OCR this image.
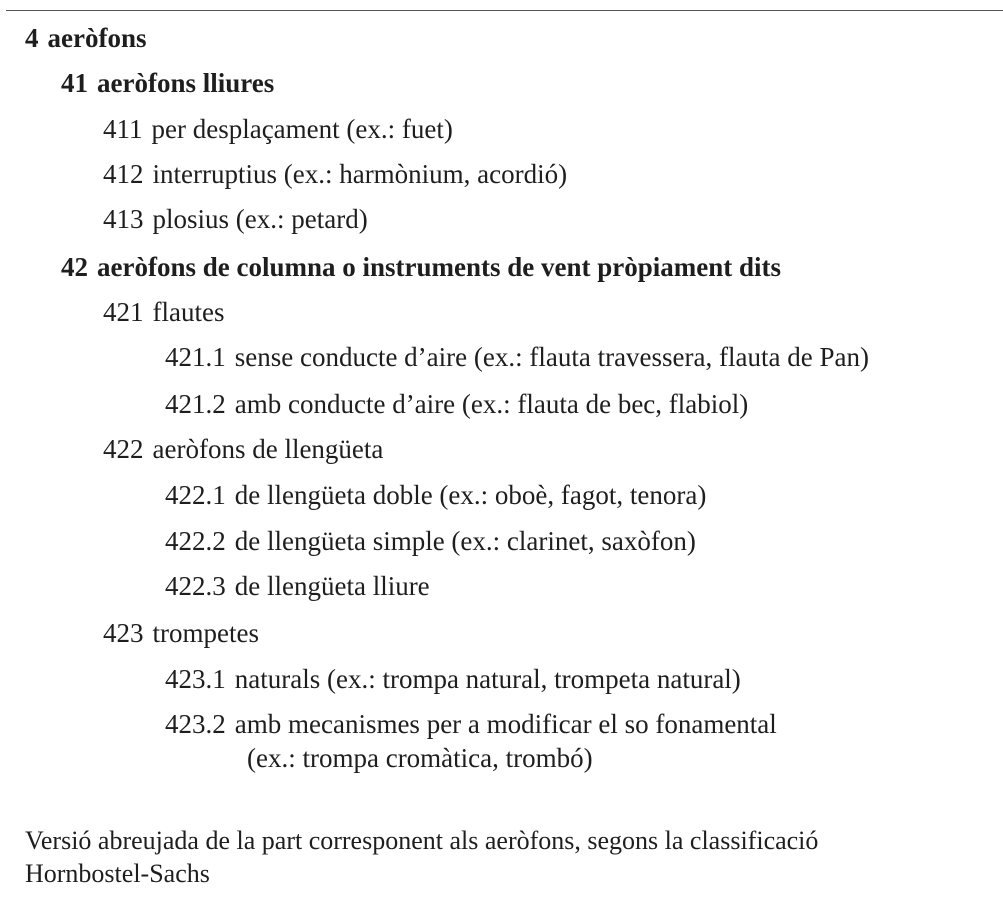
4 aeròfons
41 aeròfons lliures
411 per desplaçament (ex.: fuet)
412 interruptius (ex.: harmònium, acordió)
413 plosius (ex.: petard)
42 aeròfons de columna o instruments de vent pròpiament dits
421 flautes
421.1 sense conducte d’aire (ex.: flauta travessera, flauta de Pan)
421.2 amb conducte d’aire (ex.: flauta de bec, flabiol)
422 aeròfons de llengüeta
422.1 de llengüeta doble (ex.: oboè, fagot, tenora)
422.2 de llengüeta simple (ex.: clarinet, saxòfon)
422.3 de llengüeta lliure
423 trompetes
423.1 naturals (ex.: trompa natural, trompeta natural)
423.2 amb mecanismes per a modificar el so fonamental
(ex.: trompa cromàtica, trombó)
Versió abreujada de la part corresponent als aeròfons, segons la classificació
Hornbostel-Sachs
